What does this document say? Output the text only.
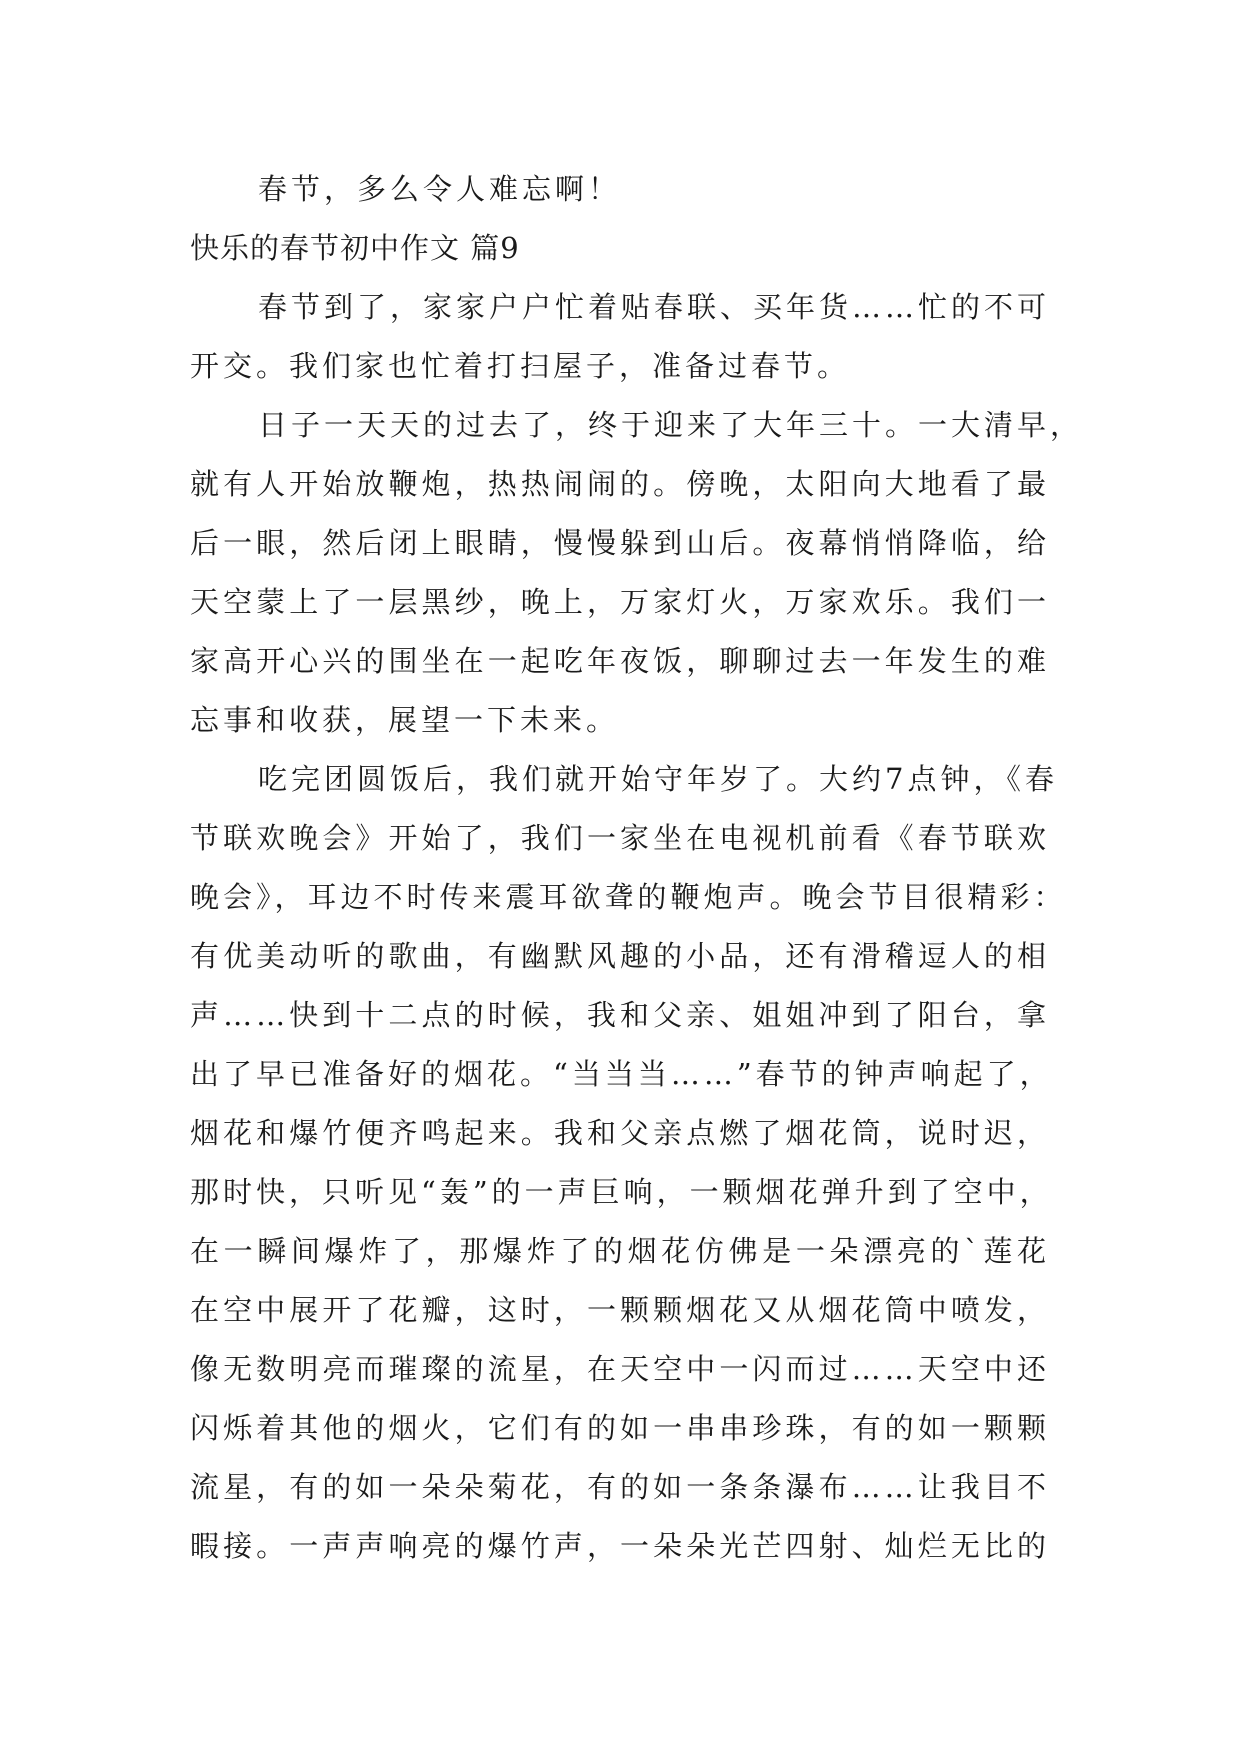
春节，多么令人难忘啊！
快乐的春节初中作文 篇9
春节到了，家家户户忙着贴春联、买年货……忙的不可
开交。我们家也忙着打扫屋子，准备过春节。
日子一天天的过去了，终于迎来了大年三十。一大清早，
就有人开始放鞭炮，热热闹闹的。傍晚，太阳向大地看了最
后一眼，然后闭上眼睛，慢慢躲到山后。夜幕悄悄降临，给
天空蒙上了一层黑纱，晚上，万家灯火，万家欢乐。我们一
家高开心兴的围坐在一起吃年夜饭，聊聊过去一年发生的难
忘事和收获，展望一下未来。
吃完团圆饭后，我们就开始守年岁了。大约7点钟，《春
节联欢晚会》开始了，我们一家坐在电视机前看《春节联欢
晚会》，耳边不时传来震耳欲聋的鞭炮声。晚会节目很精彩：
有优美动听的歌曲，有幽默风趣的小品，还有滑稽逗人的相
声……快到十二点的时候，我和父亲、姐姐冲到了阳台，拿
出了早已准备好的烟花。“当当当……”春节的钟声响起了，
烟花和爆竹便齐鸣起来。我和父亲点燃了烟花筒，说时迟，
那时快，只听见“轰”的一声巨响，一颗烟花弹升到了空中，
在一瞬间爆炸了，那爆炸了的烟花仿佛是一朵漂亮的`莲花
在空中展开了花瓣，这时，一颗颗烟花又从烟花筒中喷发，
像无数明亮而璀璨的流星，在天空中一闪而过……天空中还
闪烁着其他的烟火，它们有的如一串串珍珠，有的如一颗颗
流星，有的如一朵朵菊花，有的如一条条瀑布……让我目不
暇接。一声声响亮的爆竹声，一朵朵光芒四射、灿烂无比的
